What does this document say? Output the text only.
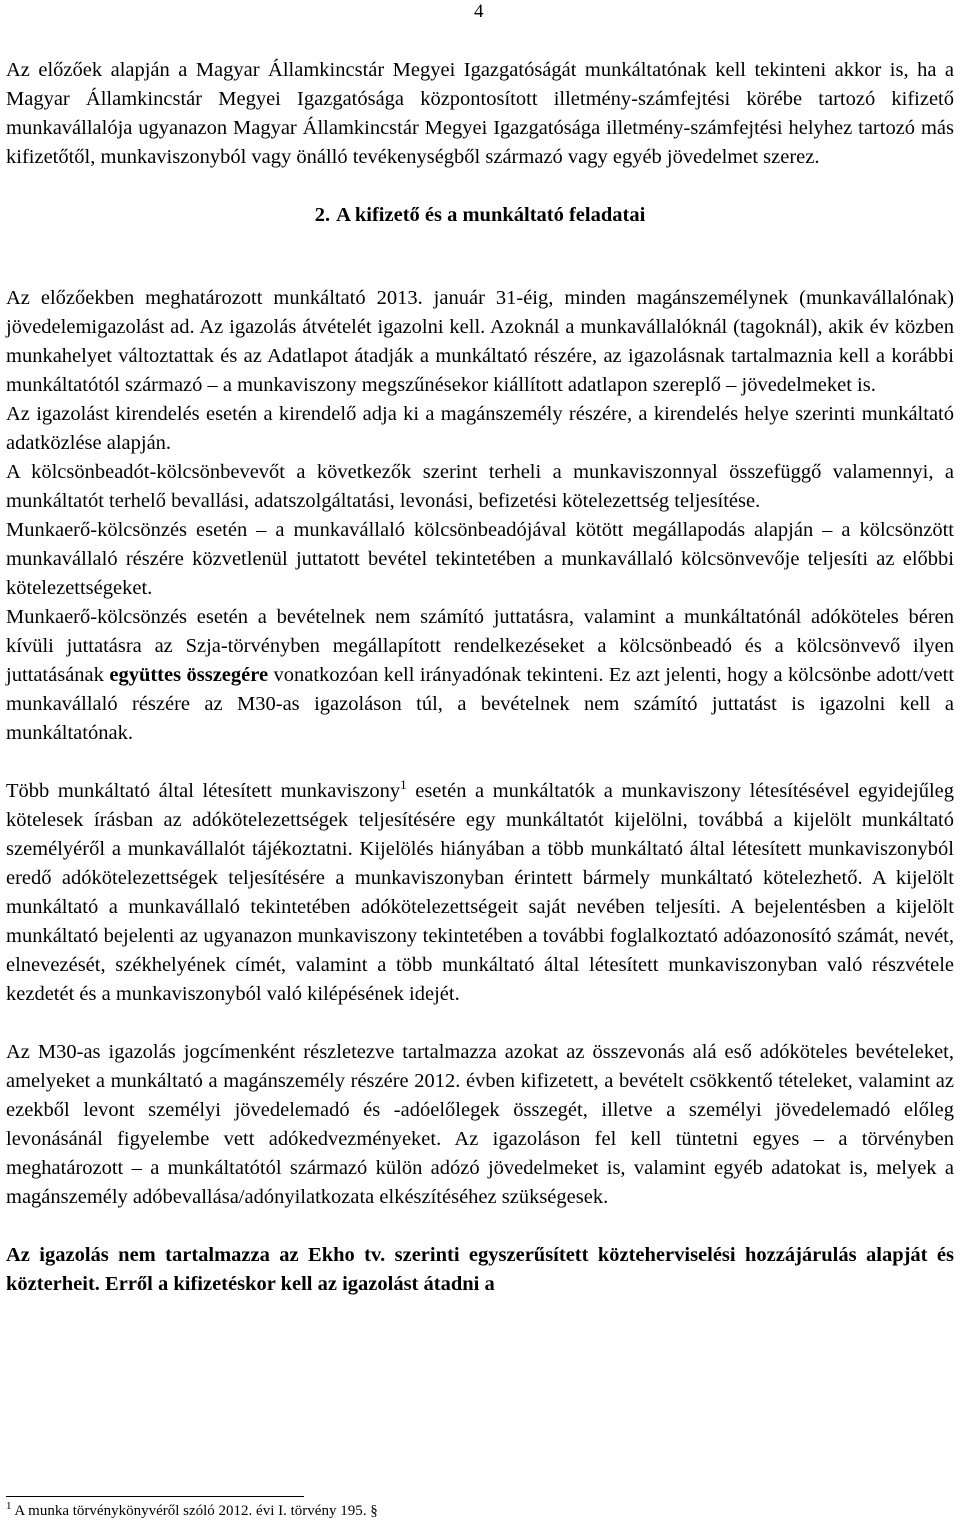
4

Az előzőek alapján a Magyar Államkincstár Megyei Igazgatóságát munkáltatónak kell tekinteni akkor is, ha a Magyar Államkincstár Megyei Igazgatósága központosított illetmény-számfejtési körébe tartozó kifizető munkavállalója ugyanazon Magyar Államkincstár Megyei Igazgatósága illetmény-számfejtési helyhez tartozó más kifizetőtől, munkaviszonyból vagy önálló tevékenységből származó vagy egyéb jövedelmet szerez.

2. A kifizető és a munkáltató feladatai

Az előzőekben meghatározott munkáltató 2013. január 31-éig, minden magánszemélynek (munkavállalónak) jövedelemigazolást ad. Az igazolás átvételét igazolni kell. Azoknál a munkavállalóknál (tagoknál), akik év közben munkahelyet változtattak és az Adatlapot átadják a munkáltató részére, az igazolásnak tartalmaznia kell a korábbi munkáltatótól származó – a munkaviszony megszűnésekor kiállított adatlapon szereplő – jövedelmeket is.

Az igazolást kirendelés esetén a kirendelő adja ki a magánszemély részére, a kirendelés helye szerinti munkáltató adatközlése alapján.

A kölcsönbeadót-kölcsönbevevőt a következők szerint terheli a munkaviszonnyal összefüggő valamennyi, a munkáltatót terhelő bevallási, adatszolgáltatási, levonási, befizetési kötelezettség teljesítése.

Munkaerő-kölcsönzés esetén – a munkavállaló kölcsönbeadójával kötött megállapodás alapján – a kölcsönzött munkavállaló részére közvetlenül juttatott bevétel tekintetében a munkavállaló kölcsönvevője teljesíti az előbbi kötelezettségeket.

Munkaerő-kölcsönzés esetén a bevételnek nem számító juttatásra, valamint a munkáltatónál adóköteles béren kívüli juttatásra az Szja-törvényben megállapított rendelkezéseket a kölcsönbeadó és a kölcsönvevő ilyen juttatásának együttes összegére vonatkozóan kell irányadónak tekinteni. Ez azt jelenti, hogy a kölcsönbe adott/vett munkavállaló részére az M30-as igazoláson túl, a bevételnek nem számító juttatást is igazolni kell a munkáltatónak.

Több munkáltató által létesített munkaviszony$^1$ esetén a munkáltatók a munkaviszony létesítésével egyidejűleg kötelesek írásban az adókötelezettségek teljesítésére egy munkáltatót kijelölni, továbbá a kijelölt munkáltató személyéről a munkavállalót tájékoztatni. Kijelölés hiányában a több munkáltató által létesített munkaviszonyból eredő adókötelezettségek teljesítésére a munkaviszonyban érintett bármely munkáltató kötelezhető. A kijelölt munkáltató a munkavállaló tekintetében adókötelezettségeit saját nevében teljesíti. A bejelentésben a kijelölt munkáltató bejelenti az ugyanazon munkaviszony tekintetében a további foglalkoztató adóazonosító számát, nevét, elnevezését, székhelyének címét, valamint a több munkáltató által létesített munkaviszonyban való részvétele kezdetét és a munkaviszonyból való kilépésének idejét.

Az M30-as igazolás jogcímenként részletezve tartalmazza azokat az összevonás alá eső adóköteles bevételeket, amelyeket a munkáltató a magánszemély részére 2012. évben kifizetett, a bevételt csökkentő tételeket, valamint az ezekből levont személyi jövedelemadó és -adóelőlegek összegét, illetve a személyi jövedelemadó előleg levonásánál figyelembe vett adókedvezményeket. Az igazoláson fel kell tüntetni egyes – a törvényben meghatározott – a munkáltatótól származó külön adózó jövedelmeket is, valamint egyéb adatokat is, melyek a magánszemély adóbevallása/adónyilatkozata elkészítéséhez szükségesek.

Az igazolás nem tartalmazza az Ekho tv. szerinti egyszerűsített közteherviselési hozzájárulás alapját és közterheit. Erről a kifizetéskor kell az igazolást átadni a

$^1$ A munka törvénykönyvéről szóló 2012. évi I. törvény 195. §
